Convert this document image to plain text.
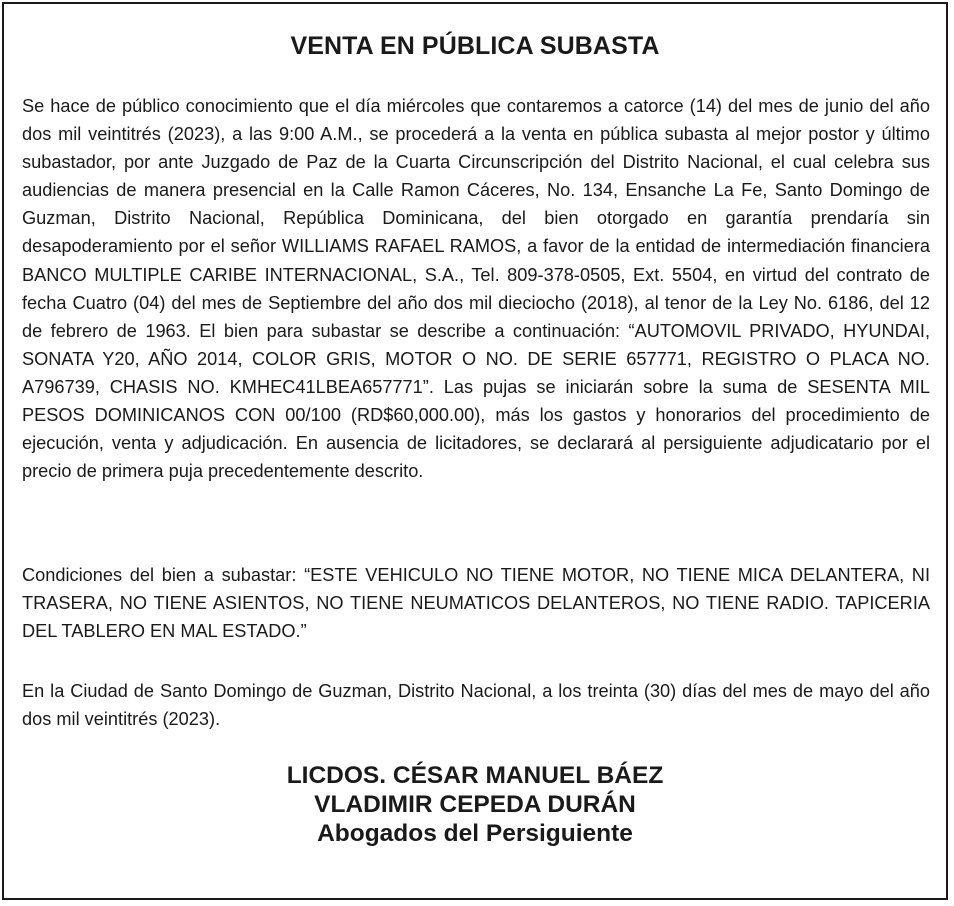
VENTA EN PÚBLICA SUBASTA
Se hace de público conocimiento que el día miércoles que contaremos a catorce (14) del mes de junio del año dos mil veintitrés (2023), a las 9:00 A.M., se procederá a la venta en pública subasta al mejor postor y último subastador, por ante Juzgado de Paz de la Cuarta Circunscripción del Distrito Nacional, el cual celebra sus audiencias de manera presencial en la Calle Ramon Cáceres, No. 134, Ensanche La Fe, Santo Domingo de Guzman, Distrito Nacional, República Dominicana, del bien otorgado en garantía prendaría sin desapoderamiento por el señor WILLIAMS RAFAEL RAMOS, a favor de la entidad de intermediación financiera BANCO MULTIPLE CARIBE INTERNACIONAL, S.A., Tel. 809-378-0505, Ext. 5504, en virtud del contrato de fecha Cuatro (04) del mes de Septiembre del año dos mil dieciocho (2018), al tenor de la Ley No. 6186, del 12 de febrero de 1963. El bien para subastar se describe a continuación: “AUTOMOVIL PRIVADO, HYUNDAI, SONATA Y20, AÑO 2014, COLOR GRIS, MOTOR O NO. DE SERIE 657771, REGISTRO O PLACA NO. A796739, CHASIS NO. KMHEC41LBEA657771”. Las pujas se iniciarán sobre la suma de SESENTA MIL PESOS DOMINICANOS CON 00/100 (RD$60,000.00), más los gastos y honorarios del procedimiento de ejecución, venta y adjudicación. En ausencia de licitadores, se declarará al persiguiente adjudicatario por el precio de primera puja precedentemente descrito.
Condiciones del bien a subastar: “ESTE VEHICULO NO TIENE MOTOR, NO TIENE MICA DELANTERA, NI TRASERA, NO TIENE ASIENTOS, NO TIENE NEUMATICOS DELANTEROS, NO TIENE RADIO. TAPICERIA DEL TABLERO EN MAL ESTADO.”
En la Ciudad de Santo Domingo de Guzman, Distrito Nacional, a los treinta (30) días del mes de mayo del año dos mil veintitrés (2023).
LICDOS. CÉSAR MANUEL BÁEZ
VLADIMIR CEPEDA DURÁN
Abogados del Persiguiente
